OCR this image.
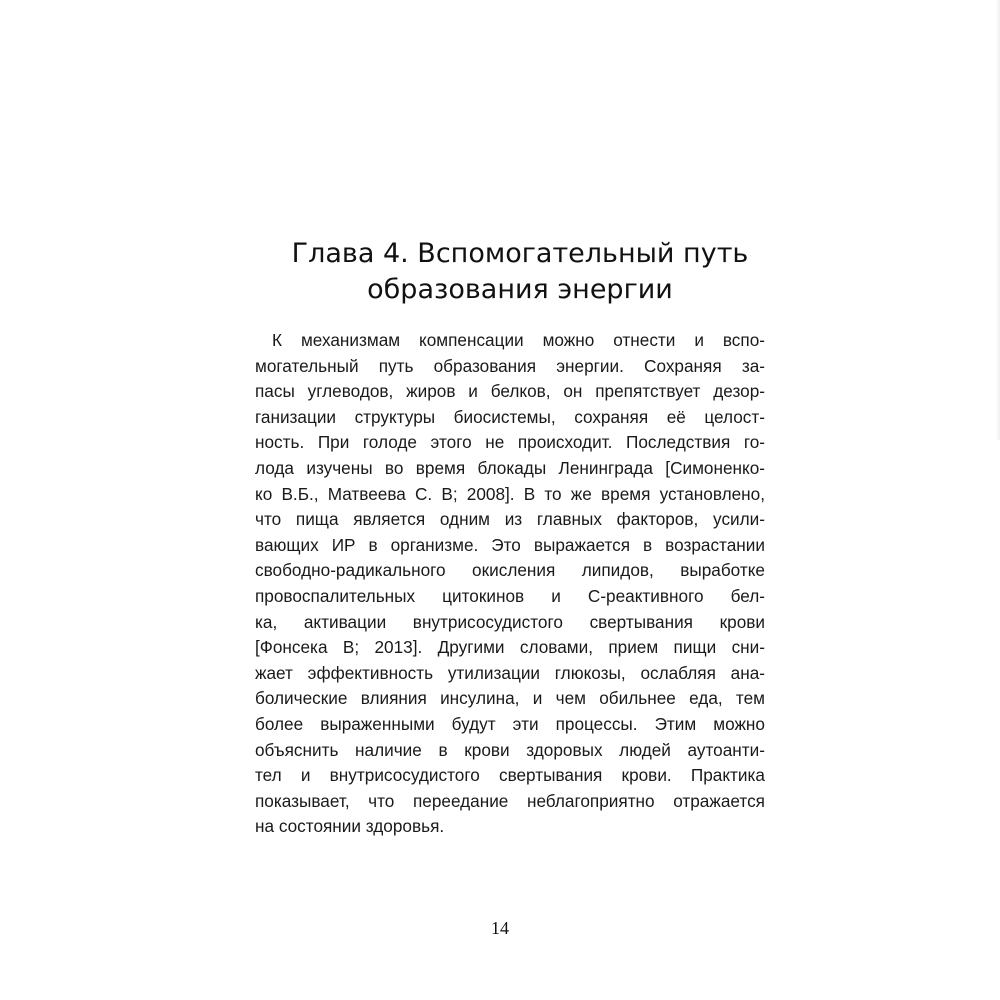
Глава 4. Вспомогательный путь
образования энергии
К механизмам компенсации можно отнести и вспо-
могательный путь образования энергии. Сохраняя за-
пасы углеводов, жиров и белков, он препятствует дезор-
ганизации структуры биосистемы, сохраняя её целост-
ность. При голоде этого не происходит. Последствия го-
лода изучены во время блокады Ленинграда [Симоненко-
ко В.Б., Матвеева С. В; 2008]. В то же время установлено,
что пища является одним из главных факторов, усили-
вающих ИР в организме. Это выражается в возрастании
свободно-радикального окисления липидов, выработке
провоспалительных цитокинов и С-реактивного бел-
ка, активации внутрисосудистого свертывания крови
[Фонсека В; 2013]. Другими словами, прием пищи сни-
жает эффективность утилизации глюкозы, ослабляя ана-
болические влияния инсулина, и чем обильнее еда, тем
более выраженными будут эти процессы. Этим можно
объяснить наличие в крови здоровых людей аутоанти-
тел и внутрисосудистого свертывания крови. Практика
показывает, что переедание неблагоприятно отражается
на состоянии здоровья.
14
